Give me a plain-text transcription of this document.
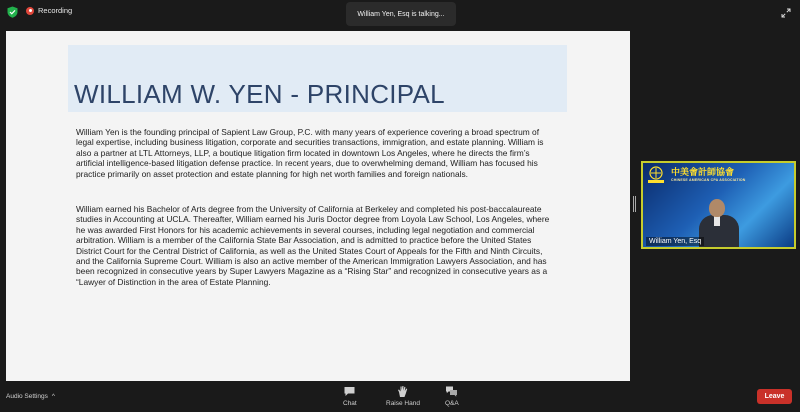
Recording	William Yen, Esq is talking...
WILLIAM W. YEN - PRINCIPAL

William Yen is the founding principal of Sapient Law Group, P.C. with many years of experience covering a broad spectrum of legal expertise, including business litigation, corporate and securities transactions, immigration, and estate planning. William is also a partner at LTL Attorneys, LLP, a boutique litigation firm located in downtown Los Angeles, where he directs the firm’s artificial intelligence-based litigation defense practice. In recent years, due to overwhelming demand, William has focused his practice primarily on asset protection and estate planning for high net worth families and foreign nationals.

William earned his Bachelor of Arts degree from the University of California at Berkeley and completed his post-baccalaureate studies in Accounting at UCLA. Thereafter, William earned his Juris Doctor degree from Loyola Law School, Los Angeles, where he was awarded First Honors for his academic achievements in several courses, including legal negotiation and commercial arbitration. William is a member of the California State Bar Association, and is admitted to practice before the United States District Court for the Central District of California, as well as the United States Court of Appeals for the Fifth and Ninth Circuits, and the California Supreme Court. William is also an active member of the American Immigration Lawyers Association, and has been recognized in consecutive years by Super Lawyers Magazine as a “Rising Star” and recognized in consecutive years as a “Lawyer of Distinction in the area of Estate Planning.

中美會計師協會
CHINESE AMERICAN CPA ASSOCIATION
William Yen, Esq
Audio Settings ^
Chat	Raise Hand	Q&A
Leave
